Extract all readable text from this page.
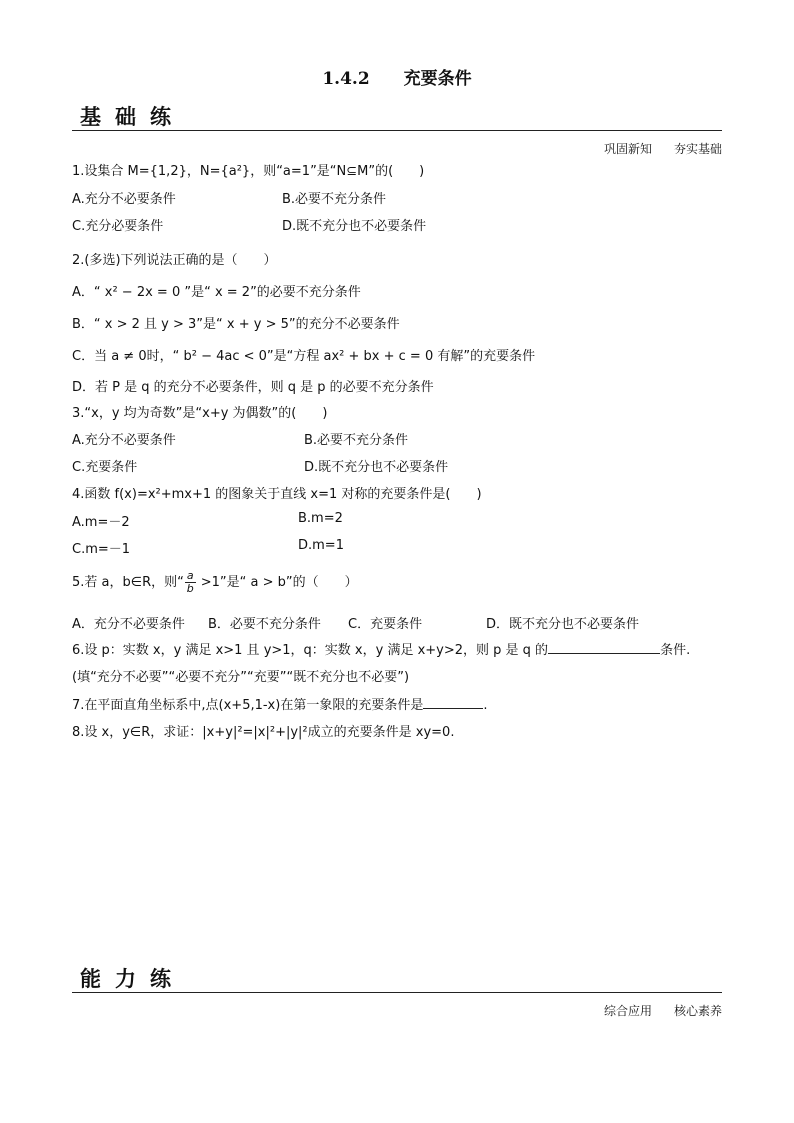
1.4.2　　充要条件
基础练
巩固新知 夯实基础
1.设集合 M={1,2}，N={a²}，则“a=1”是“N⊆M”的(　　)
A.充分不必要条件	B.必要不充分条件
C.充分必要条件	D.既不充分也不必要条件
2.(多选)下列说法正确的是（　　）
A．“ x² − 2x = 0 ”是“ x = 2”的必要不充分条件
B．“ x > 2 且 y > 3”是“ x + y > 5”的充分不必要条件
C．当 a ≠ 0时，“ b² − 4ac < 0”是“方程 ax² + bx + c = 0 有解”的充要条件
D．若 P 是 q 的充分不必要条件，则 q 是 p 的必要不充分条件
3.“x，y 均为奇数”是“x+y 为偶数”的(　　)
A.充分不必要条件	B.必要不充分条件
C.充要条件	D.既不充分也不必要条件
4.函数 f(x)=x²+mx+1 的图象关于直线 x=1 对称的充要条件是(　　)
A.m=－2	B.m=2
C.m=－1	D.m=1
5.若 a，b∈R，则“ $\frac{a}{b} >1$”是“ a > b”的（　　）
A．充分不必要条件 B．必要不充分条件 C．充要条件	D．既不充分也不必要条件
6.设 p：实数 x，y 满足 x>1 且 y>1，q：实数 x，y 满足 x+y>2，则 p 是 q 的	条件.
(填“充分不必要”“必要不充分”“充要”“既不充分也不必要”)
7.在平面直角坐标系中,点(x+5,1-x)在第一象限的充要条件是	.
8.设 x，y∈R，求证：|x+y|²=|x|²+|y|²成立的充要条件是 xy=0.
能力练
综合应用 核心素养
